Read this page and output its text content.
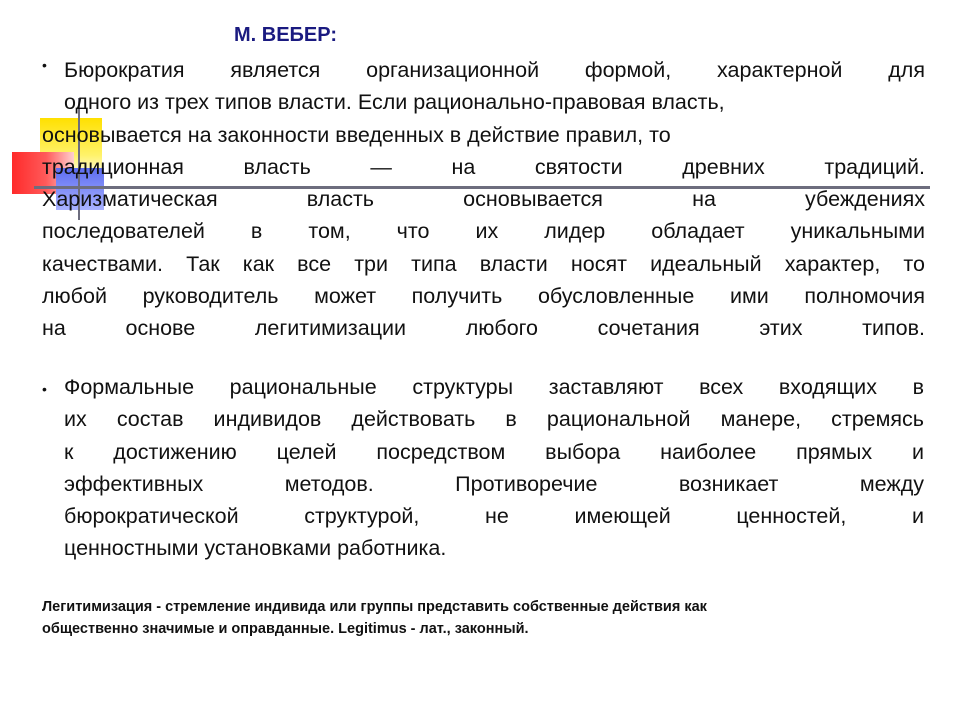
М. ВЕБЕР:
• Бюрократия является организационной формой, характерной для
одного из трех типов власти. Если рационально-правовая власть,
основывается на законности введенных в действие правил, то
традиционная власть — на святости древних традиций.
Харизматическая власть основывается на убеждениях
последователей в том, что их лидер обладает уникальными
качествами. Так как все три типа власти носят идеальный характер, то
любой руководитель может получить обусловленные ими полномочия
на основе легитимизации любого сочетания этих типов.
• Формальные рациональные структуры заставляют всех входящих в
их состав индивидов действовать в рациональной манере, стремясь
к достижению целей посредством выбора наиболее прямых и
эффективных методов. Противоречие возникает между
бюрократической структурой, не имеющей ценностей, и
ценностными установками работника.
Легитимизация - стремление индивида или группы представить собственные действия как
общественно значимые и оправданные. Legitimus - лат., законный.
